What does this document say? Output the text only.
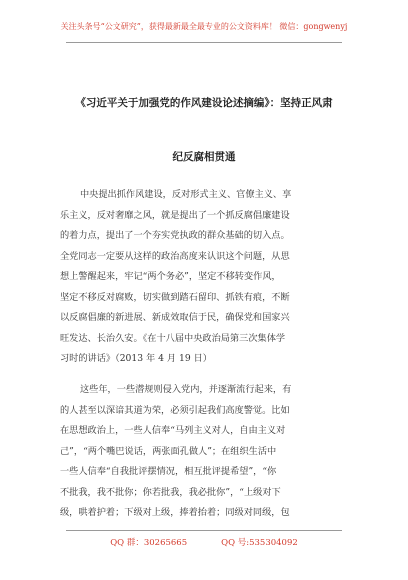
关注头条号“公文研究”，获得最新最全最专业的公文资料库！ 微信：gongwenyj
《习近平关于加强党的作风建设论述摘编》：坚持正风肃
纪反腐相贯通
中央提出抓作风建设，反对形式主义、官僚主义、享
乐主义，反对奢靡之风，就是提出了一个抓反腐倡廉建设
的着力点，提出了一个夯实党执政的群众基础的切入点。
全党同志一定要从这样的政治高度来认识这个问题，从思
想上警醒起来，牢记“两个务必”，坚定不移转变作风，
坚定不移反对腐败，切实做到踏石留印、抓铁有痕，不断
以反腐倡廉的新进展、新成效取信于民，确保党和国家兴
旺发达、长治久安。《在十八届中央政治局第三次集体学
习时的讲话》（2013 年 4 月 19 日）
这些年，一些潜规则侵入党内，并逐渐流行起来，有
的人甚至以深谙其道为荣，必须引起我们高度警觉。比如
在思想政治上，一些人信奉“马列主义对人，自由主义对
己”，“两个嘴巴说话，两张面孔做人”；在组织生活中
一些人信奉“自我批评摆情况，相互批评提希望”，“你
不批我，我不批你；你若批我，我必批你”，“上级对下
级，哄着护着；下级对上级，捧着抬着；同级对同级，包
QQ 群：30265665	QQ 号:535304092
